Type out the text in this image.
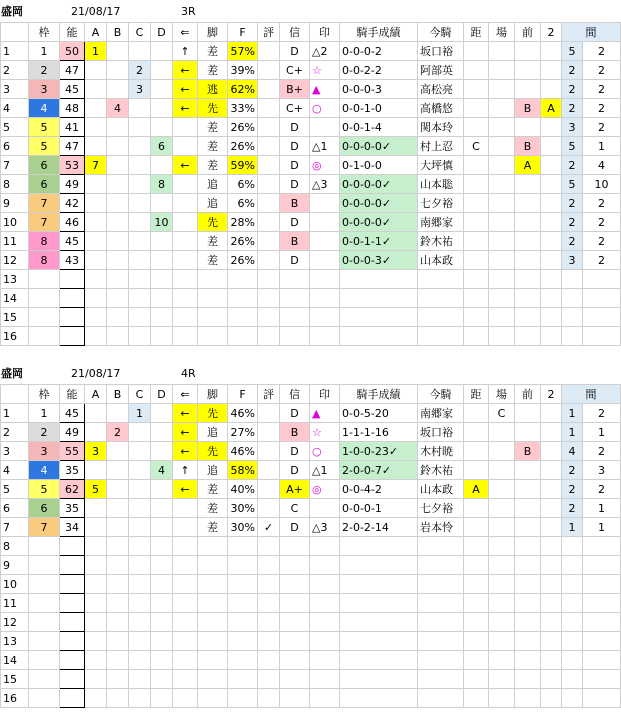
盛岡	21/08/17	3R
	枠	能	A	B	C	D	⇐	脚	F	評	信	印	騎手成績	今騎	距	場	前	2	間	
1	1	50	1				↑	差	57%		D	△2	0-0-0-2	坂口裕					5	2
2	2	47			2		←	差	39%		C+	☆	0-0-2-2	阿部英					2	2
3	3	45			3		←	逃	62%		B+	▲	0-0-0-3	高松亮					2	2
4	4	48		4			←	先	33%		C+	○	0-0-1-0	高橋悠			B	A	2	2
5	5	41						差	26%		D		0-0-1-4	関本玲					3	2
6	5	47				6		差	26%		D	△1	0-0-0-0✓	村上忍	C		B		5	1
7	6	53	7				←	差	59%		D	◎	0-1-0-0	大坪慎			A		2	4
8	6	49				8		追	6%		D	△3	0-0-0-0✓	山本聡					5	10
9	7	42						追	6%		B		0-0-0-0✓	七夕裕					2	2
10	7	46				10		先	28%		D		0-0-0-0✓	南郷家					2	2
11	8	45						差	26%		B		0-0-1-1✓	鈴木祐					2	2
12	8	43						差	26%		D		0-0-0-3✓	山本政					3	2
13																				
14																				
15																				
16																				
盛岡	21/08/17	4R
	枠	能	A	B	C	D	⇐	脚	F	評	信	印	騎手成績	今騎	距	場	前	2	間	
1	1	45			1		←	先	46%		D	▲	0-0-5-20	南郷家		C			1	2
2	2	49		2			←	追	27%		B	☆	1-1-1-16	坂口裕					1	1
3	3	55	3				←	先	46%		D	○	1-0-0-23✓	木村暁			B		4	2
4	4	35				4	↑	追	58%		D	△1	2-0-0-7✓	鈴木祐					2	3
5	5	62	5				←	差	40%		A+	◎	0-0-4-2	山本政	A				2	2
6	6	35						差	30%		C		0-0-0-1	七夕裕					2	1
7	7	34						差	30%	✓	D	△3	2-0-2-14	岩本怜					1	1
8																				
9																				
10																				
11																				
12																				
13																				
14																				
15																				
16																				
